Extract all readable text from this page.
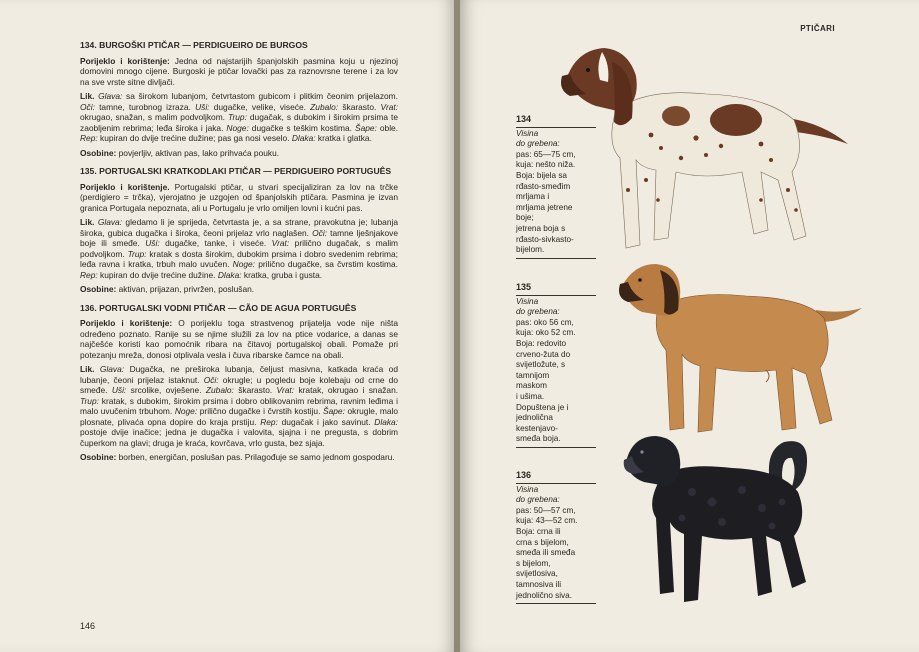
134. BURGOŠKI PTIČAR — PERDIGUEIRO DE BURGOS

Porijeklo i korištenje: Jedna od najstarijih španjolskih pasmina koju u njezinoj domovini mnogo cijene. Burgoski je ptičar lovački pas za raznovrsne terene i za lov na sve vrste sitne divljači.

Lik. Glava: sa širokom lubanjom, četvrtastom gubicom i plitkim čeonim prijelazom. Oči: tamne, turobnog izraza. Uši: dugačke, velike, viseće. Zubalo: škarasto. Vrat: okrugao, snažan, s malim podvoljkom. Trup: dugačak, s dubokim i širokim prsima te zaobljenim rebrima; leđa široka i jaka. Noge: dugačke s teškim kostima. Šape: oble. Rep: kupiran do dvije trećine dužine; pas ga nosi veselo. Dlaka: kratka i glatka.

Osobine: povjerljiv, aktivan pas, lako prihvaća pouku.

135. PORTUGALSKI KRATKODLAKI PTIČAR — PERDIGUEIRO PORTUGUÊS

Porijeklo i korištenje. Portugalski ptičar, u stvari specijaliziran za lov na trčke (perdigiero = trčka), vjerojatno je uzgojen od španjolskih ptičara. Pasmina je izvan granica Portugala nepoznata, ali u Portugalu je vrlo omiljen lovni i kućni pas.

Lik. Glava: gledamo li je sprijeda, četvrtasta je, a sa strane, pravokutna je; lubanja široka, gubica dugačka i široka, čeoni prijelaz vrlo naglašen. Oči: tamne lješnjakove boje ili smeđe. Uši: dugačke, tanke, i viseće. Vrat: prilično dugačak, s malim podvoljkom. Trup: kratak s dosta širokim, dubokim prsima i dobro svedenim rebrima; leđa ravna i kratka, trbuh malo uvučen. Noge: prilično dugačke, sa čvrstim kostima. Rep: kupiran do dvije trećine dužine. Dlaka: kratka, gruba i gusta.

Osobine: aktivan, prijazan, privržen, poslušan.

136. PORTUGALSKI VODNI PTIČAR — CÃO DE AGUA PORTUGUÊS

Porijeklo i korištenje: O porijeklu toga strastvenog prijatelja vode nije ništa određeno poznato. Ranije su se njime služili za lov na ptice vodarice, a danas se najčešće koristi kao pomoćnik ribara na čitavoj portugalskoj obali. Pomaže pri potezanju mreža, donosi otplivala vesla i čuva ribarske čamce na obali.

Lik. Glava: Dugačka, ne preširoka lubanja, čeljust masivna, katkada kraća od lubanje, čeoni prijelaz istaknut. Oči: okrugle; u pogledu boje kolebaju od crne do smeđe. Uši: srcolike, ovješene. Zubalo: škarasto. Vrat: kratak, okrugao i snažan. Trup: kratak, s dubokim, širokim prsima i dobro oblikovanim rebrima, ravnim leđima i malo uvučenim trbuhom. Noge: prilično dugačke i čvrstih kostiju. Šape: okrugle, malo plosnate, plivaća opna dopire do kraja prstiju. Rep: dugačak i jako savinut. Dlaka: postoje dvije inačice; jedna je dugačka i valovita, sjajna i ne pregusta, s dobrim čuperkom na glavi; druga je kraća, kovrčava, vrlo gusta, bez sjaja.

Osobine: borben, energičan, poslušan pas. Prilagođuje se samo jednom gospodaru.

146
PTIČARI
134
Visina
do grebena:
pas: 65—75 cm,
kuja: nešto niža.
Boja: bijela sa
rđasto-smeđim
mrljama i
mrljama jetrene
boje;
jetrena boja s
rđasto-sivkasto-
bijelom.
135
Visina
do grebena:
pas: oko 56 cm,
kuja: oko 52 cm.
Boja: redovito
crveno-žuta do
svijetložute, s
tamnijom
maskom
i ušima.
Dopuštena je i
jednolična
kestenjavo-
smeđa boja.
136
Visina
do grebena:
pas: 50—57 cm,
kuja: 43—52 cm.
Boja: crna ili
crna s bijelom,
smeđa ili smeđa
s bijelom,
svijetlosiva,
tamnosiva ili
jednolično siva.
